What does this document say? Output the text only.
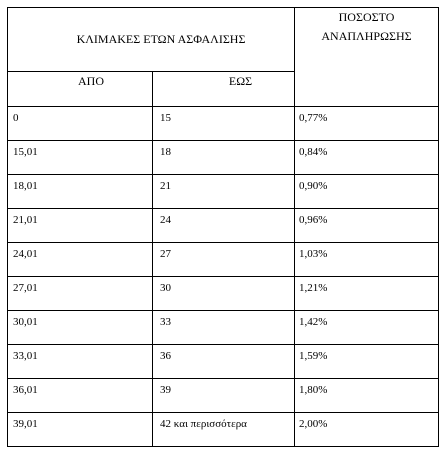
ΚΛΙΜΑΚΕΣ ΕΤΩΝ ΑΣΦΑΛΙΣΗΣ		ΠΟΣΟΣΤΟ
ΑΝΑΠΛΗΡΩΣΗΣ

ΑΠΟ	ΕΩΣ	
0	15	0,77%
15,01	18	0,84%
18,01	21	0,90%
21,01	24	0,96%
24,01	27	1,03%
27,01	30	1,21%
30,01	33	1,42%
33,01	36	1,59%
36,01	39	1,80%
39,01	42 και περισσότερα	2,00%
